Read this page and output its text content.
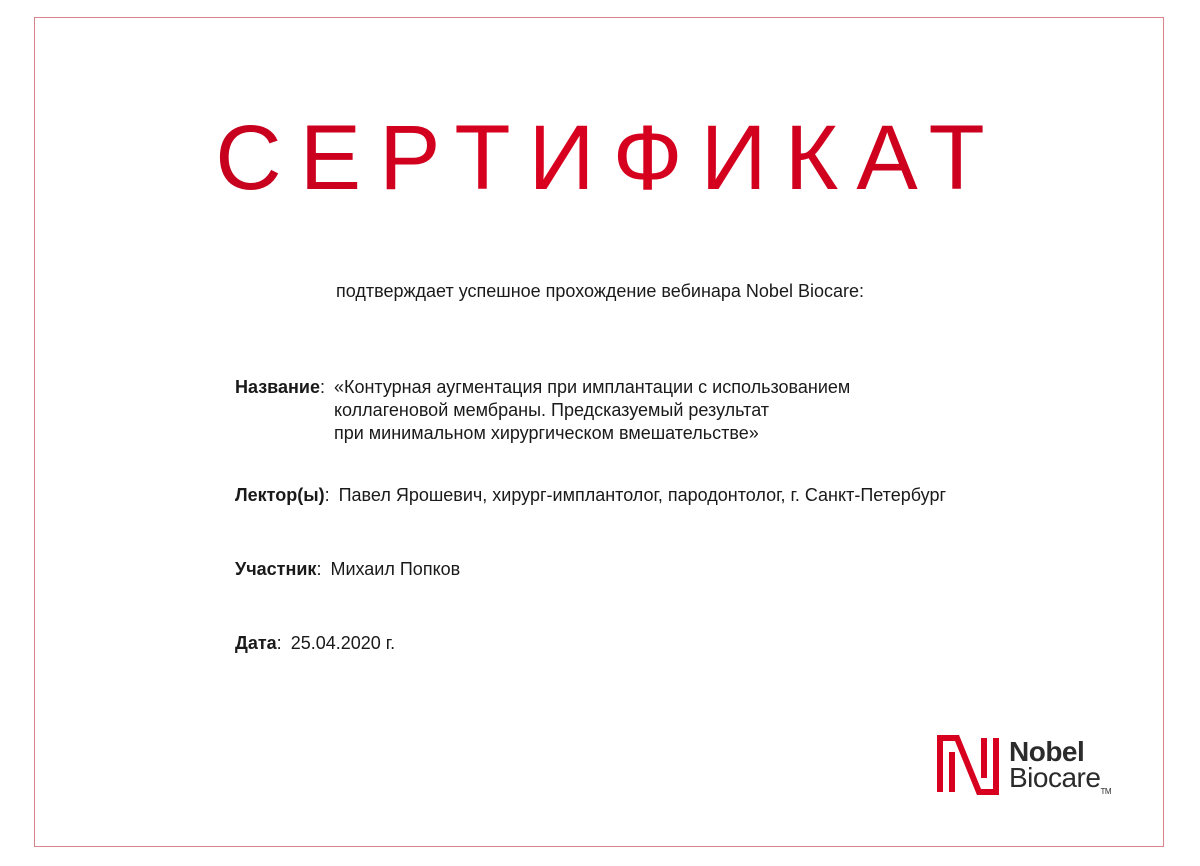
СЕРТИФИКАТ
подтверждает успешное прохождение вебинара Nobel Biocare:
Название : «Контурная аугментация при имплантации с использованием
коллагеновой мембраны. Предсказуемый результат
при минимальном хирургическом вмешательстве»
Лектор(ы) : Павел Ярошевич, хирург-имплантолог, пародонтолог, г. Санкт-Петербург
Участник : Михаил Попков
Дата : 25.04.2020 г.
Nobel
Biocare™
